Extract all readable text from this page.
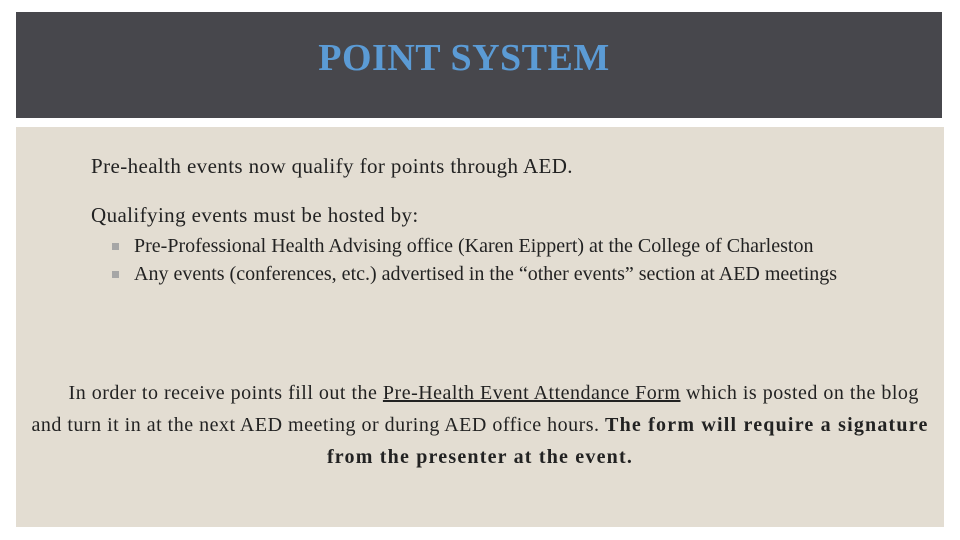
POINT SYSTEM

Pre-health events now qualify for points through AED.

Qualifying events must be hosted by:

Pre-Professional Health Advising office (Karen Eippert) at the College of Charleston
Any events (conferences, etc.) advertised in the “other events” section at AED meetings

In order to receive points fill out the Pre-Health Event Attendance Form which is posted on the blog and turn it in at the next AED meeting or during AED office hours. The form will require a signature from the presenter at the event.
